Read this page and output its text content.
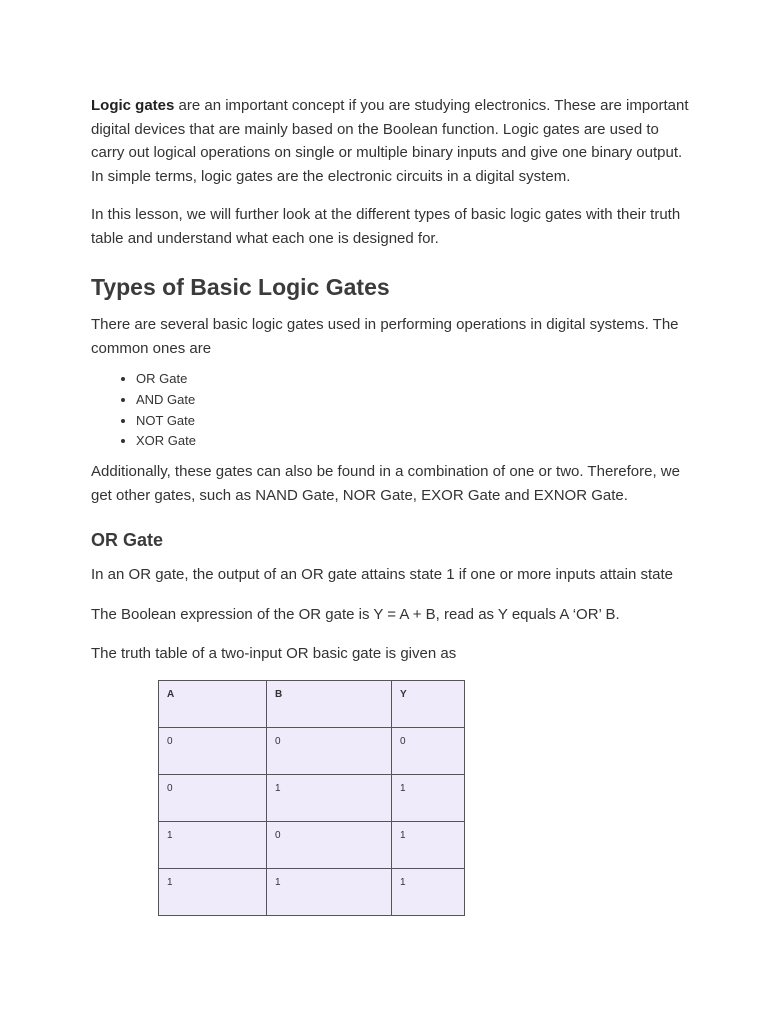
Logic gates are an important concept if you are studying electronics. These are important digital devices that are mainly based on the Boolean function. Logic gates are used to carry out logical operations on single or multiple binary inputs and give one binary output. In simple terms, logic gates are the electronic circuits in a digital system.

In this lesson, we will further look at the different types of basic logic gates with their truth table and understand what each one is designed for.

Types of Basic Logic Gates

There are several basic logic gates used in performing operations in digital systems. The common ones are

• OR Gate
• AND Gate
• NOT Gate
• XOR Gate

Additionally, these gates can also be found in a combination of one or two. Therefore, we get other gates, such as NAND Gate, NOR Gate, EXOR Gate and EXNOR Gate.

OR Gate

In an OR gate, the output of an OR gate attains state 1 if one or more inputs attain state

The Boolean expression of the OR gate is Y = A + B, read as Y equals A ‘OR’ B.

The truth table of a two-input OR basic gate is given as

A	B	Y
0	0	0
0	1	1
1	0	1
1	1	1
